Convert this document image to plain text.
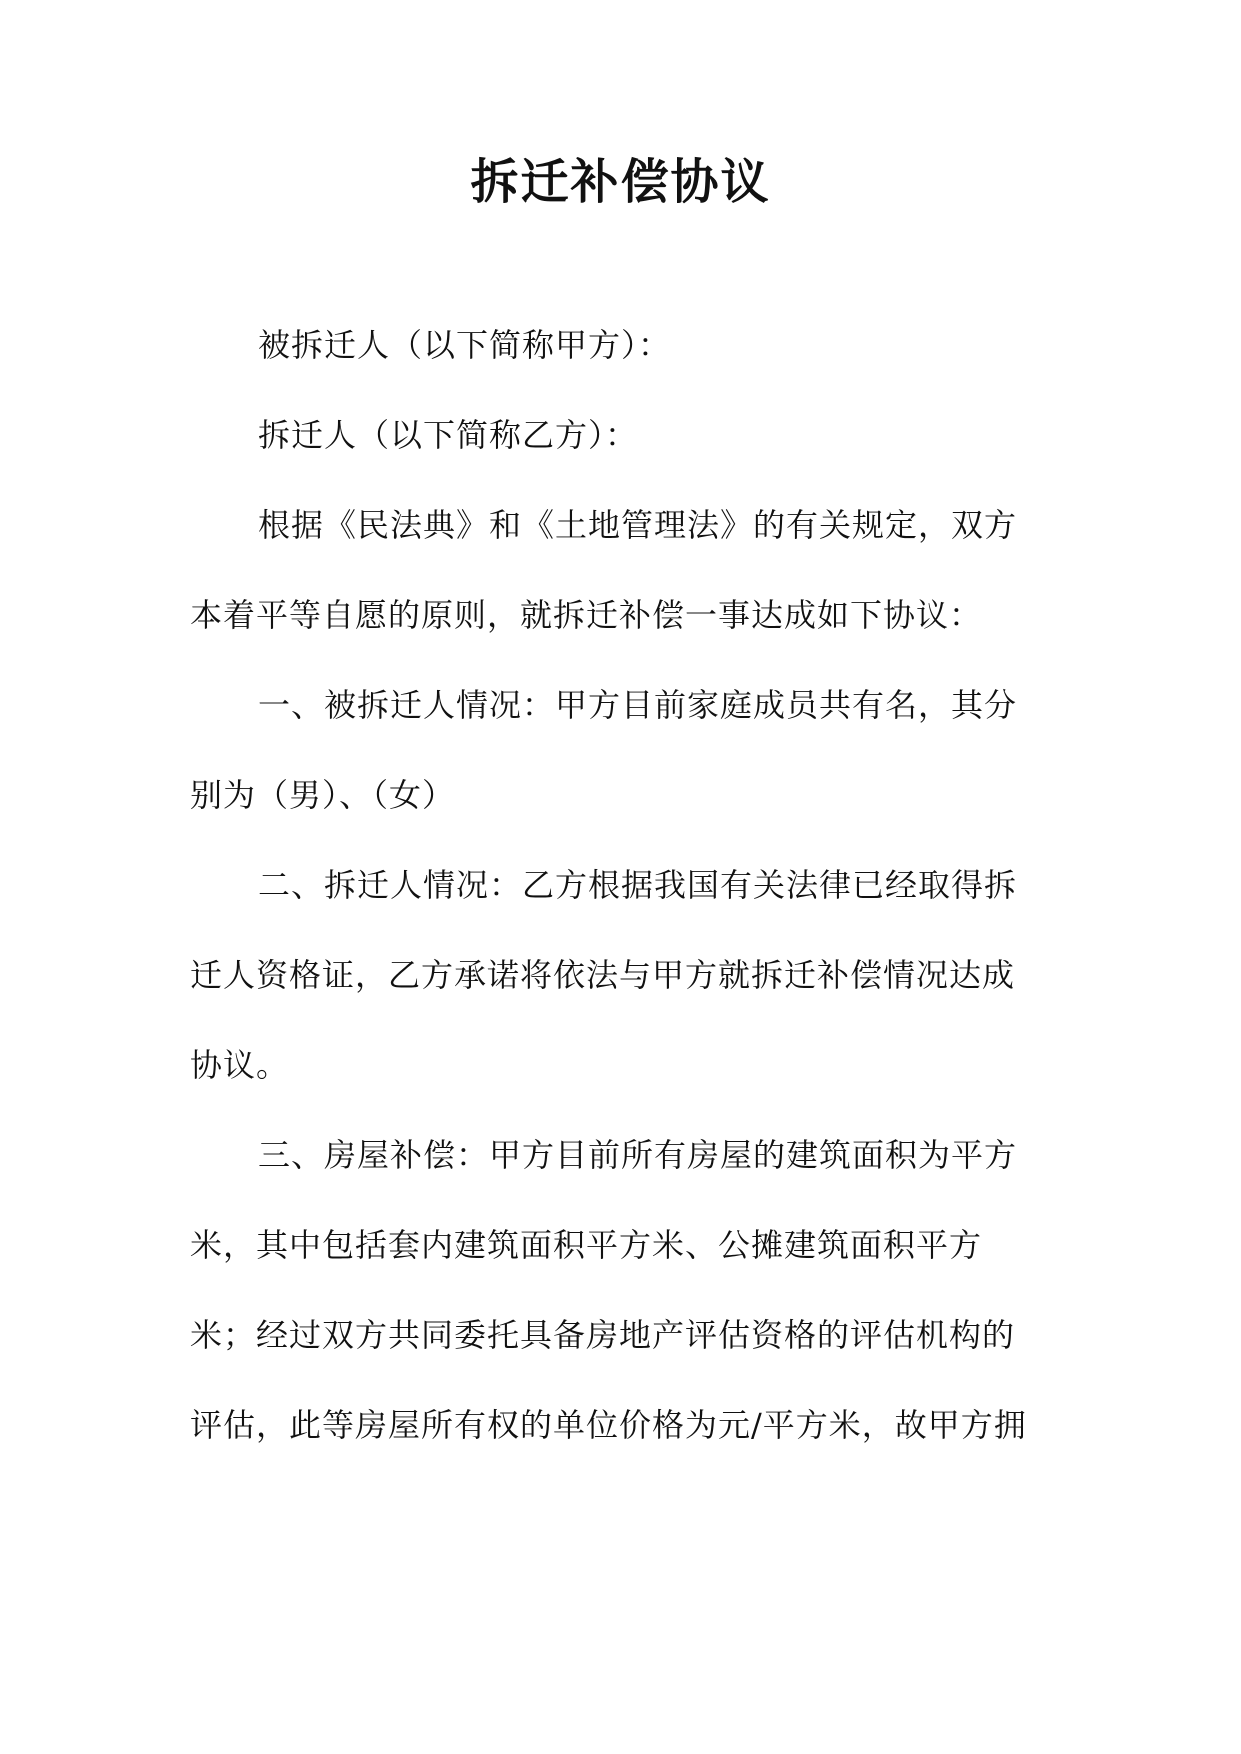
拆迁补偿协议

被拆迁人（以下简称甲方）：

拆迁人（以下简称乙方）：

根据《民法典》和《土地管理法》的有关规定，双方本着平等自愿的原则，就拆迁补偿一事达成如下协议：

一、被拆迁人情况：甲方目前家庭成员共有名，其分别为（男）、（女）

二、拆迁人情况：乙方根据我国有关法律已经取得拆迁人资格证，乙方承诺将依法与甲方就拆迁补偿情况达成协议。

三、房屋补偿：甲方目前所有房屋的建筑面积为平方米，其中包括套内建筑面积平方米、公摊建筑面积平方米；经过双方共同委托具备房地产评估资格的评估机构的评估，此等房屋所有权的单位价格为元/平方米，故甲方拥
